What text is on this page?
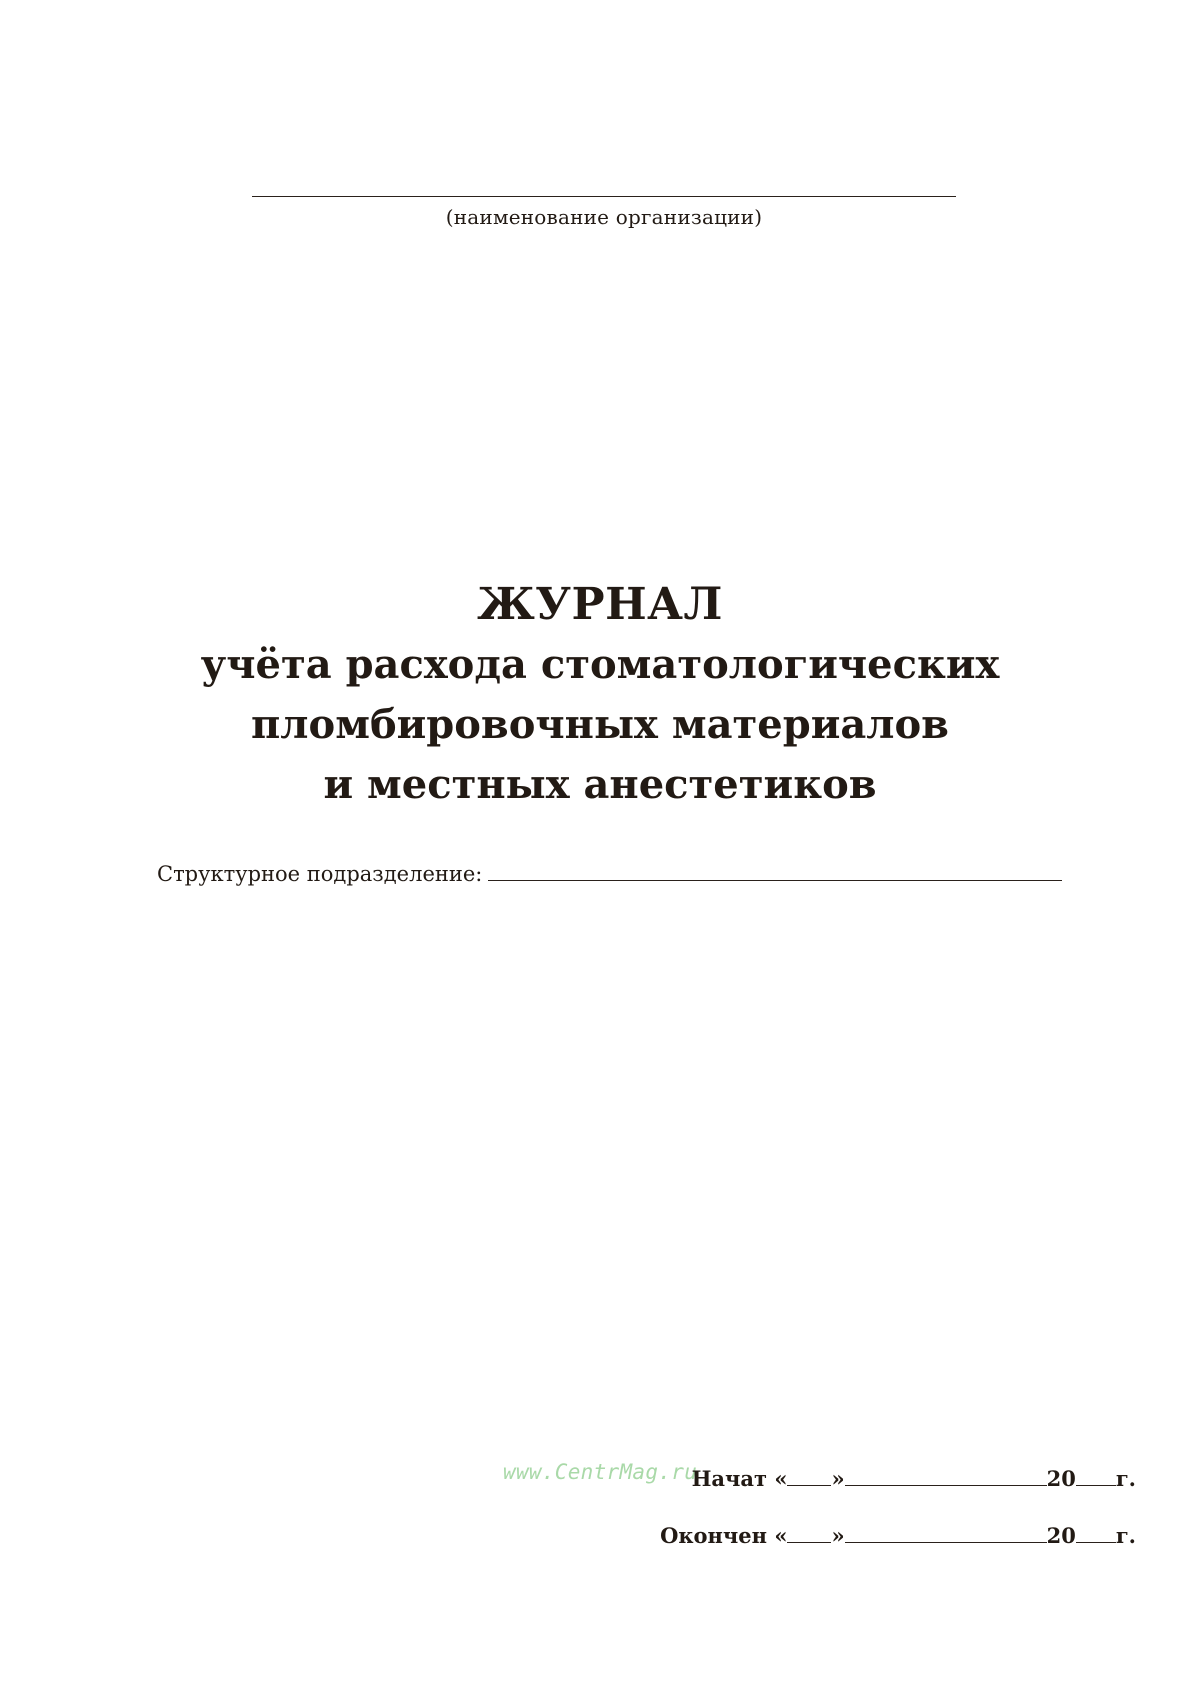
(наименование организации)
ЖУРНАЛ
учёта расхода стоматологических
пломбировочных материалов
и местных анестетиков
Структурное подразделение:
www.CentrMag.ru
Начат
« »	20 г.
Окончен
« »	20 г.
